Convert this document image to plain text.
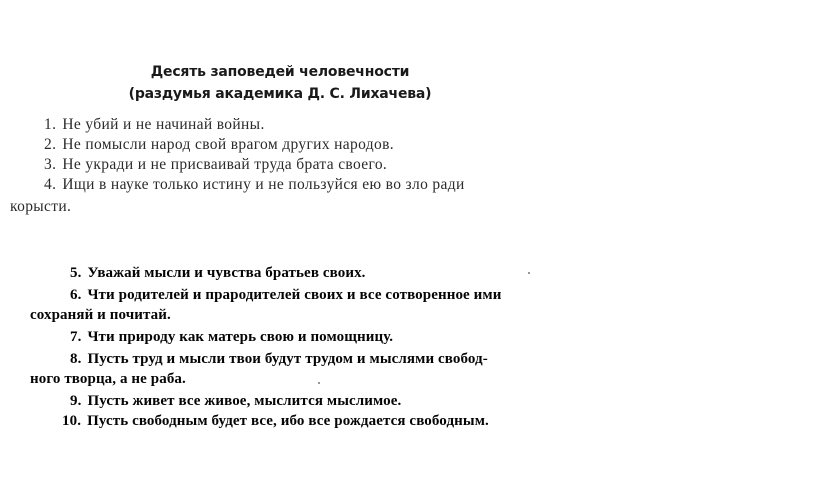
Десять заповедей человечности
(раздумья академика Д. С. Лихачева)
1. Не убий и не начинай войны.
2. Не помысли народ свой врагом других народов.
3. Не укради и не присваивай труда брата своего.
4. Ищи в науке только истину и не пользуйся ею во зло ради
корысти.
5. Уважай мысли и чувства братьев своих.
6. Чти родителей и прародителей своих и все сотворенное ими
сохраняй и почитай.
7. Чти природу как матерь свою и помощницу.
8. Пусть труд и мысли твои будут трудом и мыслями свобод-
ного творца, а не раба.
9. Пусть живет все живое, мыслится мыслимое.
10. Пусть свободным будет все, ибо все рождается свободным.
